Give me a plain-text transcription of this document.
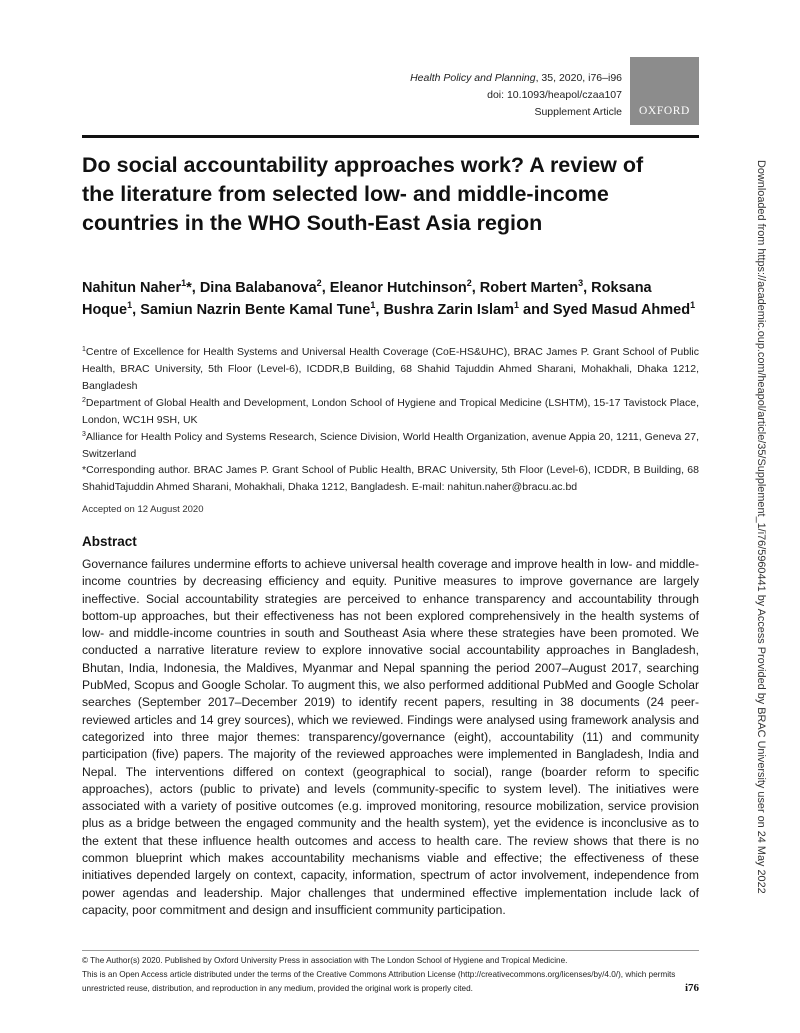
Health Policy and Planning, 35, 2020, i76–i96
doi: 10.1093/heapol/czaa107
Supplement Article	OXFORD
Do social accountability approaches work? A review of the literature from selected low- and middle-income countries in the WHO South-East Asia region

Nahitun Naher$^1$*, Dina Balabanova$^2$, Eleanor Hutchinson$^2$, Robert Marten$^3$, Roksana Hoque$^1$, Samiun Nazrin Bente Kamal Tune$^1$, Bushra Zarin Islam$^1$ and Syed Masud Ahmed$^1$

$^1$Centre of Excellence for Health Systems and Universal Health Coverage (CoE-HS&UHC), BRAC James P. Grant School of Public Health, BRAC University, 5th Floor (Level-6), ICDDR,B Building, 68 Shahid Tajuddin Ahmed Sharani, Mohakhali, Dhaka 1212, Bangladesh

$^2$Department of Global Health and Development, London School of Hygiene and Tropical Medicine (LSHTM), 15-17 Tavistock Place, London, WC1H 9SH, UK

$^3$Alliance for Health Policy and Systems Research, Science Division, World Health Organization, avenue Appia 20, 1211, Geneva 27, Switzerland

*Corresponding author. BRAC James P. Grant School of Public Health, BRAC University, 5th Floor (Level-6), ICDDR, B Building, 68 ShahidTajuddin Ahmed Sharani, Mohakhali, Dhaka 1212, Bangladesh. E-mail: nahitun.naher@bracu.ac.bd

Accepted on 12 August 2020

Abstract

Governance failures undermine efforts to achieve universal health coverage and improve health in low- and middle-income countries by decreasing efficiency and equity. Punitive measures to improve governance are largely ineffective. Social accountability strategies are perceived to enhance transparency and accountability through bottom-up approaches, but their effectiveness has not been explored comprehensively in the health systems of low- and middle-income countries in south and Southeast Asia where these strategies have been promoted. We conducted a narrative literature review to explore innovative social accountability approaches in Bangladesh, Bhutan, India, Indonesia, the Maldives, Myanmar and Nepal spanning the period 2007–August 2017, searching PubMed, Scopus and Google Scholar. To augment this, we also performed additional PubMed and Google Scholar searches (September 2017–December 2019) to identify recent papers, resulting in 38 documents (24 peer-reviewed articles and 14 grey sources), which we reviewed. Findings were analysed using framework analysis and categorized into three major themes: transparency/governance (eight), accountability (11) and community participation (five) papers. The majority of the reviewed approaches were implemented in Bangladesh, India and Nepal. The interventions differed on context (geographical to social), range (boarder reform to specific approaches), actors (public to private) and levels (community-specific to system level). The initiatives were associated with a variety of positive outcomes (e.g. improved monitoring, resource mobilization, service provision plus as a bridge between the engaged community and the health system), yet the evidence is inconclusive as to the extent that these influence health outcomes and access to health care. The review shows that there is no common blueprint which makes accountability mechanisms viable and effective; the effectiveness of these initiatives depended largely on context, capacity, information, spectrum of actor involvement, independence from power agendas and leadership. Major challenges that undermined effective implementation include lack of capacity, poor commitment and design and insufficient community participation.

© The Author(s) 2020. Published by Oxford University Press in association with The London School of Hygiene and Tropical Medicine.

This is an Open Access article distributed under the terms of the Creative Commons Attribution License (http://creativecommons.org/licenses/by/4.0/), which permits unrestricted reuse, distribution, and reproduction in any medium, provided the original work is properly cited.	i76
Downloaded from https://academic.oup.com/heapol/article/35/Supplement_1/i76/5960441 by Access Provided by BRAC University user on 24 May 2022
